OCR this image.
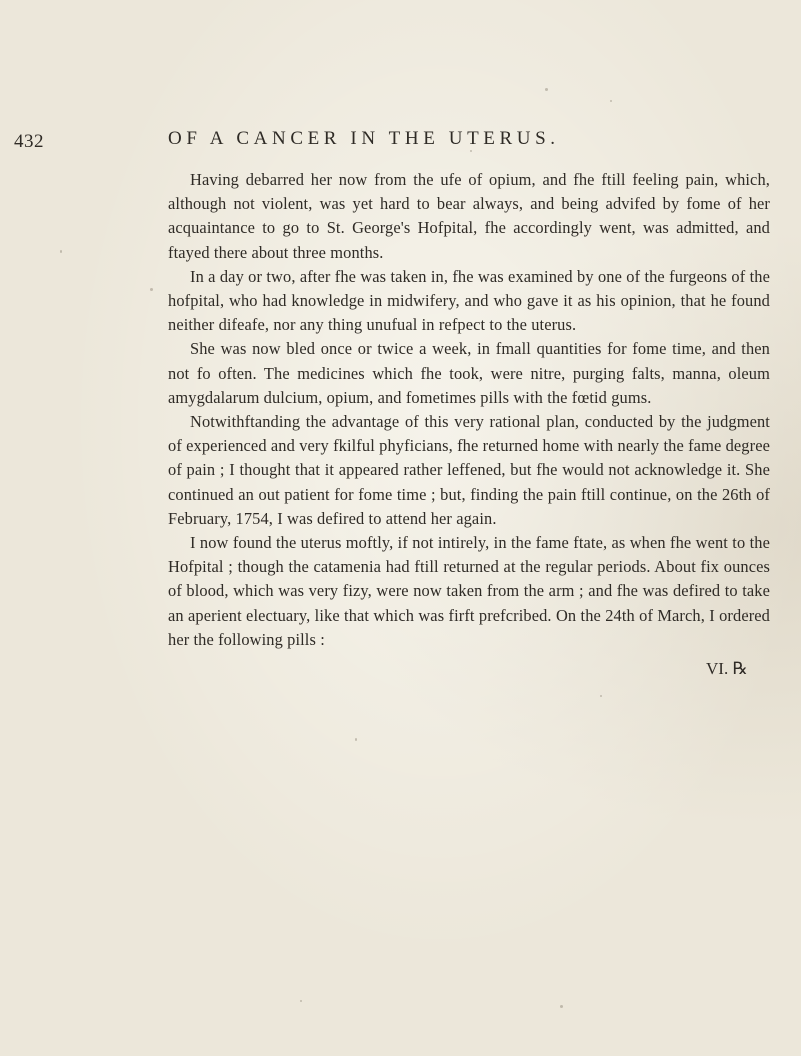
432	OF A CANCER IN THE UTERUS.

Having debarred her now from the ufe of opium, and fhe ftill feeling pain, which, although not violent, was yet hard to bear always, and being advifed by fome of her acquaintance to go to St. George's Hofpital, fhe accordingly went, was admitted, and ftayed there about three months.

In a day or two, after fhe was taken in, fhe was examined by one of the furgeons of the hofpital, who had knowledge in midwifery, and who gave it as his opinion, that he found neither difeafe, nor any thing unufual in refpect to the uterus.

She was now bled once or twice a week, in fmall quantities for fome time, and then not fo often. The medicines which fhe took, were nitre, purging falts, manna, oleum amygdalarum dulcium, opium, and fometimes pills with the fœtid gums.

Notwithftanding the advantage of this very rational plan, conducted by the judgment of experienced and very fkilful phyficians, fhe returned home with nearly the fame degree of pain ; I thought that it appeared rather leffened, but fhe would not acknowledge it. She continued an out patient for fome time ; but, finding the pain ftill continue, on the 26th of February, 1754, I was defired to attend her again.

I now found the uterus moftly, if not intirely, in the fame ftate, as when fhe went to the Hofpital ; though the catamenia had ftill returned at the regular periods. About fix ounces of blood, which was very fizy, were now taken from the arm ; and fhe was defired to take an aperient electuary, like that which was firft prefcribed. On the 24th of March, I ordered her the following pills :

VI. ℞
